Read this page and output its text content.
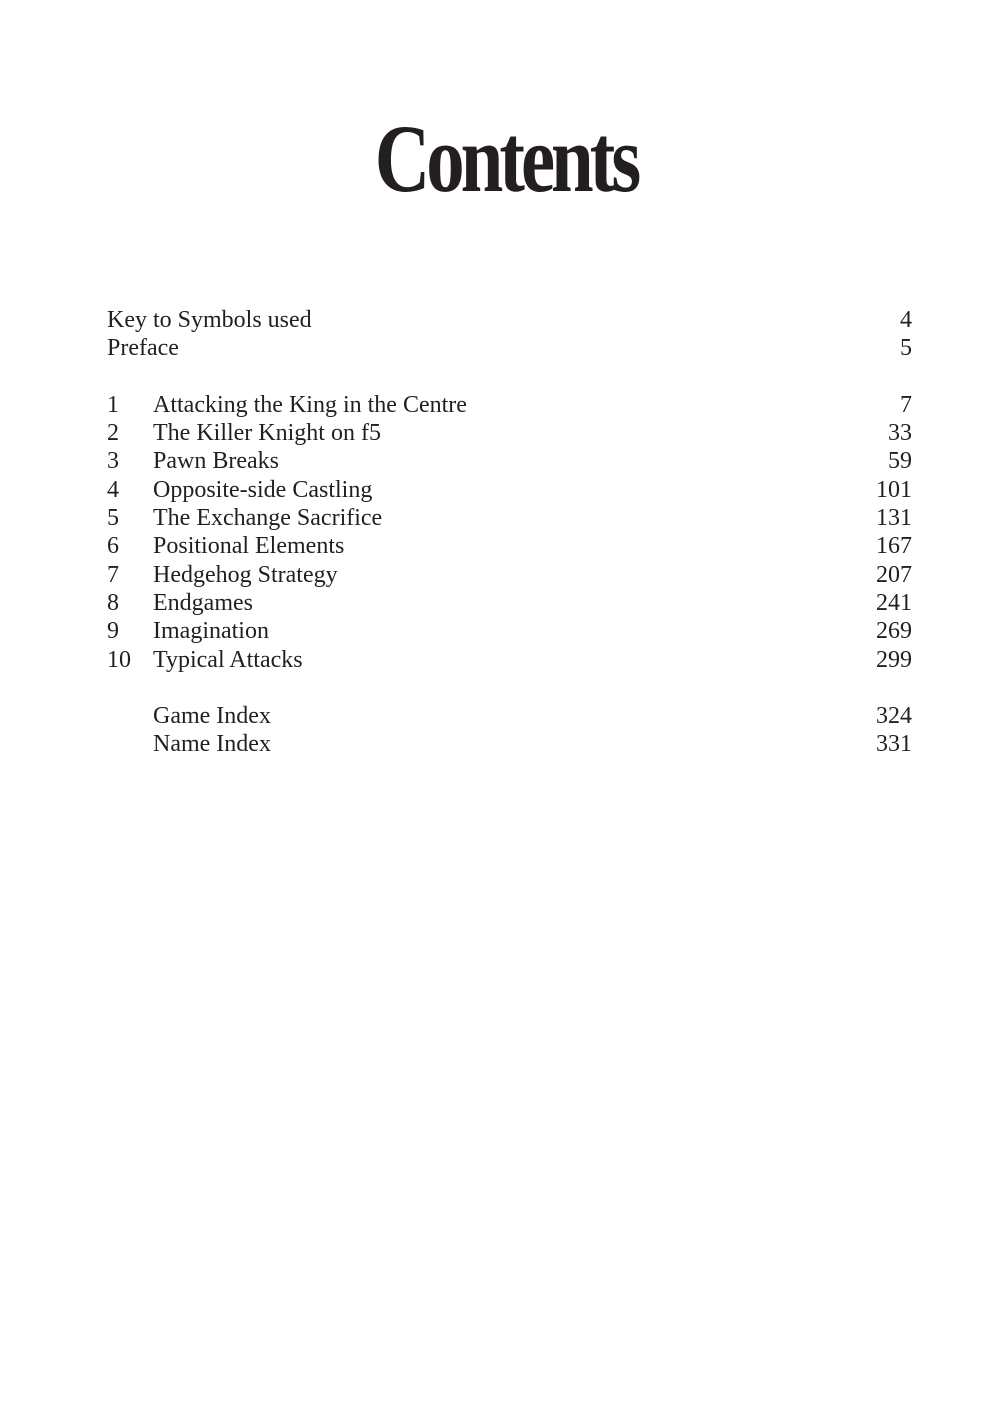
Contents
Key to Symbols used	4
Preface	5
1 Attacking the King in the Centre	7
2 The Killer Knight on f5	33
3 Pawn Breaks	59
4 Opposite-side Castling	101
5 The Exchange Sacrifice	131
6 Positional Elements	167
7 Hedgehog Strategy	207
8 Endgames	241
9 Imagination	269
10 Typical Attacks	299
Game Index	324
Name Index	331
